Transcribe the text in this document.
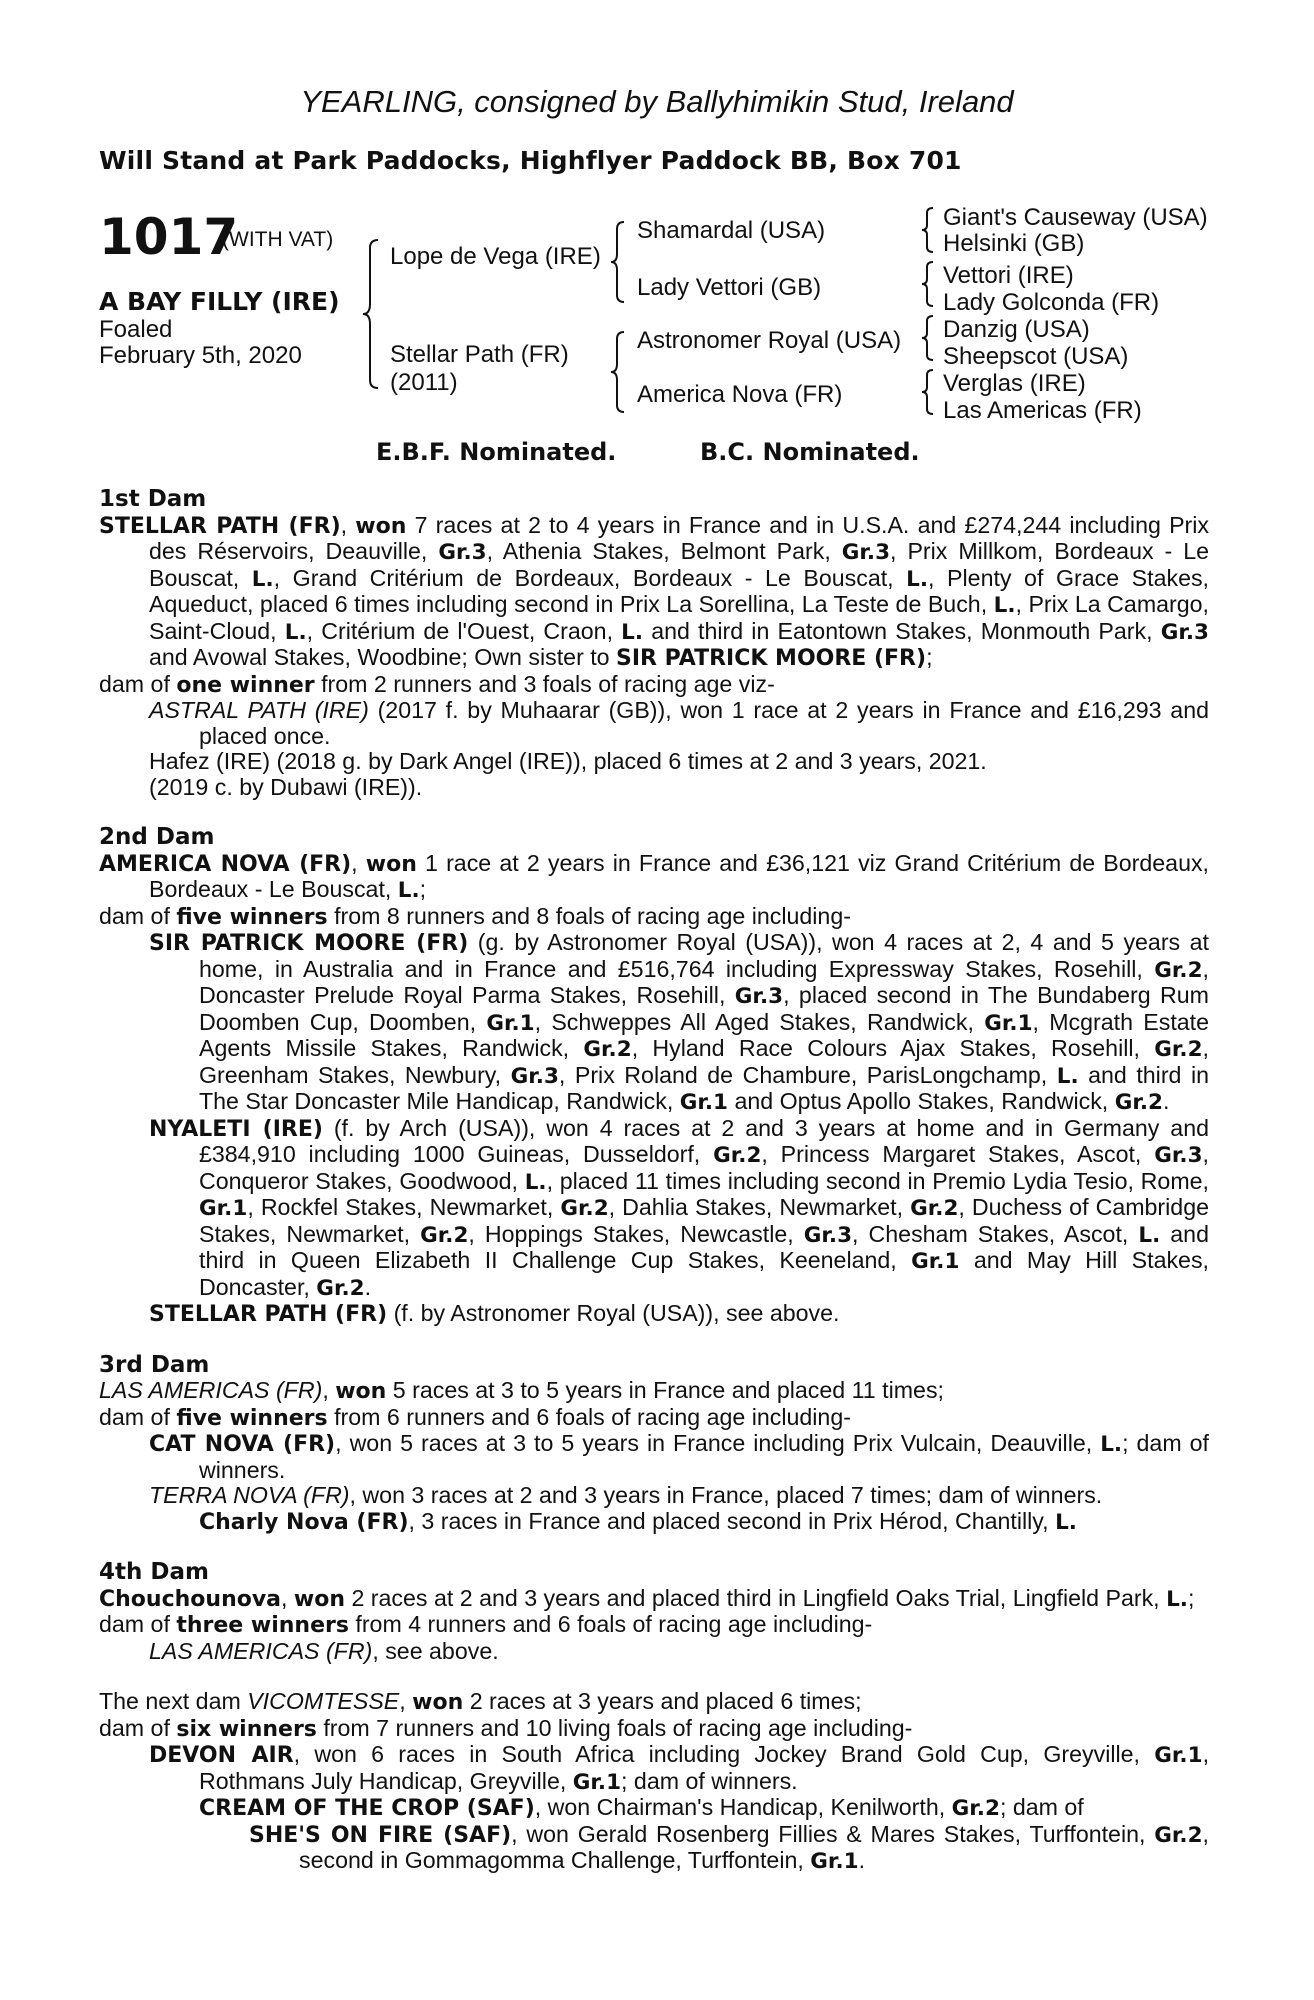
YEARLING, consigned by Ballyhimikin Stud, Ireland
Will Stand at Park Paddocks, Highflyer Paddock BB, Box 701
1017
(WITH VAT)
A BAY FILLY (IRE)
Foaled
February 5th, 2020
Lope de Vega (IRE)
Stellar Path (FR)
(2011)
Shamardal (USA)
Lady Vettori (GB)
Astronomer Royal (USA)
America Nova (FR)
Giant's Causeway (USA)
Helsinki (GB)
Vettori (IRE)
Lady Golconda (FR)
Danzig (USA)
Sheepscot (USA)
Verglas (IRE)
Las Americas (FR)
E.B.F. Nominated.	B.C. Nominated.
1st Dam

STELLAR PATH (FR), won 7 races at 2 to 4 years in France and in U.S.A. and £274,244 including Prix des Réservoirs, Deauville, Gr.3, Athenia Stakes, Belmont Park, Gr.3, Prix Millkom, Bordeaux - Le Bouscat, L., Grand Critérium de Bordeaux, Bordeaux - Le Bouscat, L., Plenty of Grace Stakes, Aqueduct, placed 6 times including second in Prix La Sorellina, La Teste de Buch, L., Prix La Camargo, Saint-Cloud, L., Critérium de l'Ouest, Craon, L. and third in Eatontown Stakes, Monmouth Park, Gr.3 and Avowal Stakes, Woodbine; Own sister to SIR PATRICK MOORE (FR);

dam of one winner from 2 runners and 3 foals of racing age viz-

ASTRAL PATH (IRE) (2017 f. by Muhaarar (GB)), won 1 race at 2 years in France and £16,293 and placed once.

Hafez (IRE) (2018 g. by Dark Angel (IRE)), placed 6 times at 2 and 3 years, 2021.

(2019 c. by Dubawi (IRE)).

2nd Dam

AMERICA NOVA (FR), won 1 race at 2 years in France and £36,121 viz Grand Critérium de Bordeaux, Bordeaux - Le Bouscat, L.;

dam of five winners from 8 runners and 8 foals of racing age including-

SIR PATRICK MOORE (FR) (g. by Astronomer Royal (USA)), won 4 races at 2, 4 and 5 years at home, in Australia and in France and £516,764 including Expressway Stakes, Rosehill, Gr.2, Doncaster Prelude Royal Parma Stakes, Rosehill, Gr.3, placed second in The Bundaberg Rum Doomben Cup, Doomben, Gr.1, Schweppes All Aged Stakes, Randwick, Gr.1, Mcgrath Estate Agents Missile Stakes, Randwick, Gr.2, Hyland Race Colours Ajax Stakes, Rosehill, Gr.2, Greenham Stakes, Newbury, Gr.3, Prix Roland de Chambure, ParisLongchamp, L. and third in The Star Doncaster Mile Handicap, Randwick, Gr.1 and Optus Apollo Stakes, Randwick, Gr.2.

NYALETI (IRE) (f. by Arch (USA)), won 4 races at 2 and 3 years at home and in Germany and £384,910 including 1000 Guineas, Dusseldorf, Gr.2, Princess Margaret Stakes, Ascot, Gr.3, Conqueror Stakes, Goodwood, L., placed 11 times including second in Premio Lydia Tesio, Rome, Gr.1, Rockfel Stakes, Newmarket, Gr.2, Dahlia Stakes, Newmarket, Gr.2, Duchess of Cambridge Stakes, Newmarket, Gr.2, Hoppings Stakes, Newcastle, Gr.3, Chesham Stakes, Ascot, L. and third in Queen Elizabeth II Challenge Cup Stakes, Keeneland, Gr.1 and May Hill Stakes, Doncaster, Gr.2.

STELLAR PATH (FR) (f. by Astronomer Royal (USA)), see above.

3rd Dam

LAS AMERICAS (FR), won 5 races at 3 to 5 years in France and placed 11 times;

dam of five winners from 6 runners and 6 foals of racing age including-

CAT NOVA (FR), won 5 races at 3 to 5 years in France including Prix Vulcain, Deauville, L.; dam of winners.

TERRA NOVA (FR), won 3 races at 2 and 3 years in France, placed 7 times; dam of winners.

Charly Nova (FR), 3 races in France and placed second in Prix Hérod, Chantilly, L.

4th Dam

Chouchounova, won 2 races at 2 and 3 years and placed third in Lingfield Oaks Trial, Lingfield Park, L.;

dam of three winners from 4 runners and 6 foals of racing age including-

LAS AMERICAS (FR), see above.

The next dam VICOMTESSE, won 2 races at 3 years and placed 6 times;

dam of six winners from 7 runners and 10 living foals of racing age including-

DEVON AIR, won 6 races in South Africa including Jockey Brand Gold Cup, Greyville, Gr.1, Rothmans July Handicap, Greyville, Gr.1; dam of winners.

CREAM OF THE CROP (SAF), won Chairman's Handicap, Kenilworth, Gr.2; dam of

SHE'S ON FIRE (SAF), won Gerald Rosenberg Fillies & Mares Stakes, Turffontein, Gr.2, second in Gommagomma Challenge, Turffontein, Gr.1.
